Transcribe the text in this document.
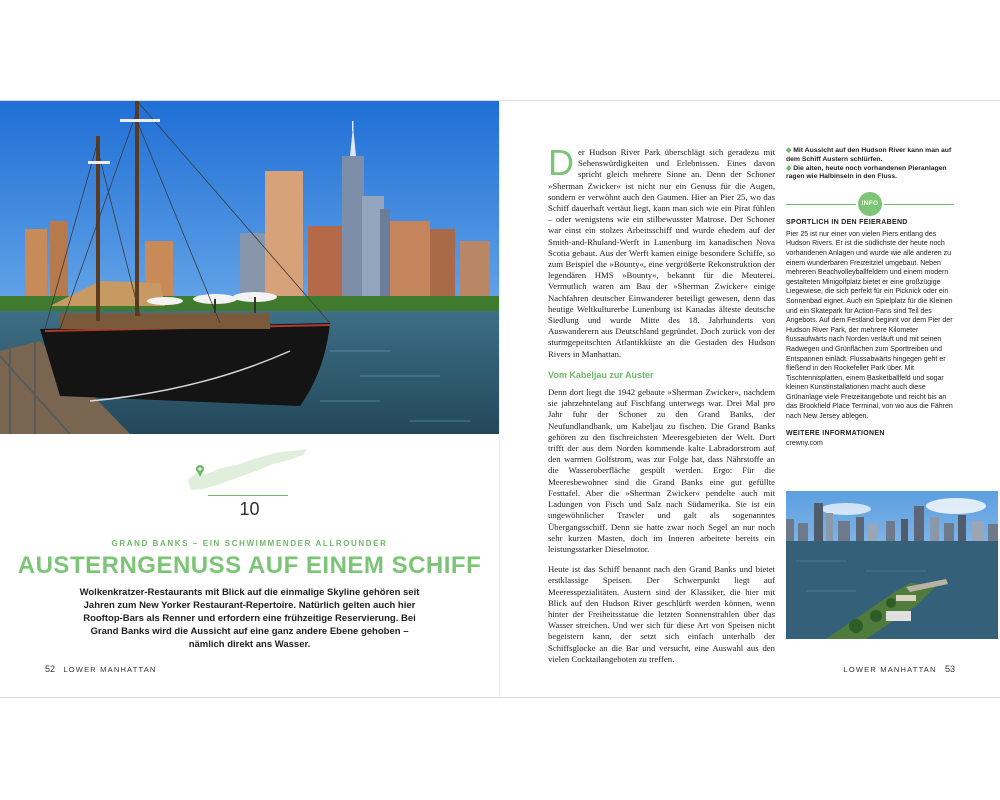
10
GRAND BANKS – EIN SCHWIMMENDER ALLROUNDER
AUSTERNGENUSS AUF EINEM SCHIFF
Wolkenkratzer-Restaurants mit Blick auf die einmalige Skyline gehören seit Jahren zum New Yorker Restaurant-Repertoire. Natürlich gelten auch hier Rooftop-Bars als Renner und erfordern eine frühzeitige Reservierung. Bei Grand Banks wird die Aussicht auf eine ganz andere Ebene gehoben – nämlich direkt ans Wasser.
52 LOWER MANHATTAN

Der Hudson River Park überschlägt sich geradezu mit Sehenswürdigkeiten und Erlebnissen. Eines davon spricht gleich mehrere Sinne an. Denn der Schoner »Sherman Zwicker« ist nicht nur ein Genuss für die Augen, sondern er verwöhnt auch den Gaumen. Hier an Pier 25, wo das Schiff dauerhaft vertäut liegt, kann man sich wie ein Pirat fühlen – oder wenigstens wie ein stilbewusster Matrose. Der Schoner war einst ein stolzes Arbeitsschiff und wurde ehedem auf der Smith-and-Rhuland-Werft in Lunenburg im kanadischen Nova Scotia gebaut. Aus der Werft kamen einige besondere Schiffe, so zum Beispiel die »Bounty«, eine vergrößerte Rekonstruktion der legendären HMS »Bounty«, bekannt für die Meuterei. Vermutlich waren am Bau der »Sherman Zwicker« einige Nachfahren deutscher Einwanderer beteiligt gewesen, denn das heutige Weltkulturerbe Lunenburg ist Kanadas älteste deutsche Siedlung und wurde Mitte des 18. Jahrhunderts von Auswanderern aus Deutschland gegründet. Doch zurück von der sturmgepeitschten Atlantikküste an die Gestaden des Hudson Rivers in Manhattan.

Vom Kabeljau zur Auster

Denn dort liegt die 1942 gebaute »Sherman Zwicker«, nachdem sie jahrzehntelang auf Fischfang unterwegs war. Drei Mal pro Jahr fuhr der Schoner zu den Grand Banks, der Neufundlandbank, um Kabeljau zu fischen. Die Grand Banks gehören zu den fischreichsten Meeresgebieten der Welt. Dort trifft der aus dem Norden kommende kalte Labradorstrom auf den warmen Golfstrom, was zur Folge hat, dass Nährstoffe an die Wasseroberfläche gespült werden. Ergo: Für die Meeresbewohner sind die Grand Banks eine gut gefüllte Festtafel. Aber die »Sherman Zwicker« pendelte auch mit Ladungen von Fisch und Salz nach Südamerika. Sie ist ein ungewöhnlicher Trawler und galt als sogenanntes Übergangsschiff. Denn sie hatte zwar noch Segel an nur noch sehr kurzen Masten, doch im Inneren arbeitete bereits ein leistungsstarker Dieselmotor.

Heute ist das Schiff benannt nach den Grand Banks und bietet erstklassige Speisen. Der Schwerpunkt liegt auf Meeresspezialitäten. Austern sind der Klassiker, die hier mit Blick auf den Hudson River geschlürft werden können, wenn hinter der Freiheitsstatue die letzten Sonnenstrahlen über das Wasser streichen. Und wer sich für diese Art von Speisen nicht begeistern kann, der setzt sich einfach unterhalb der Schiffsglocke an die Bar und versucht, eine Auswahl aus den vielen Cocktailangeboten zu treffen.

◆ Mit Aussicht auf den Hudson River kann man auf dem Schiff Austern schlürfen.
◆ Die alten, heute noch vorhandenen Pieranlagen ragen wie Halbinseln in den Fluss.
INFO
SPORTLICH IN DEN FEIERABEND

Pier 25 ist nur einer von vielen Piers entlang des Hudson Rivers. Er ist die südlichste der heute noch vorhandenen Anlagen und wurde wie alle anderen zu einem wunderbaren Freizeitziel umgebaut. Neben mehreren Beachvolleyballfeldern und einem modern gestalteten Minigolfplatz bietet er eine großzügige Liegewiese, die sich perfekt für ein Picknick oder ein Sonnenbad eignet. Auch ein Spielplatz für die Kleinen und ein Skatepark für Action-Fans sind Teil des Angebots. Auf dem Festland beginnt vor dem Pier der Hudson River Park, der mehrere Kilometer flussaufwärts nach Norden verläuft und mit seinen Radwegen und Grünflächen zum Sporttreiben und Entspannen einlädt. Flussabwärts hingegen geht er fließend in den Rockefeller Park über. Mit Tischtennisplatten, einem Basketballfeld und sogar kleinen Kunstinstallationen macht auch diese Grünanlage viele Freizeitangebote und reicht bis an das Brookfield Place Terminal, von wo aus die Fähren nach New Jersey ablegen.

WEITERE INFORMATIONEN
crewny.com
LOWER MANHATTAN 53
